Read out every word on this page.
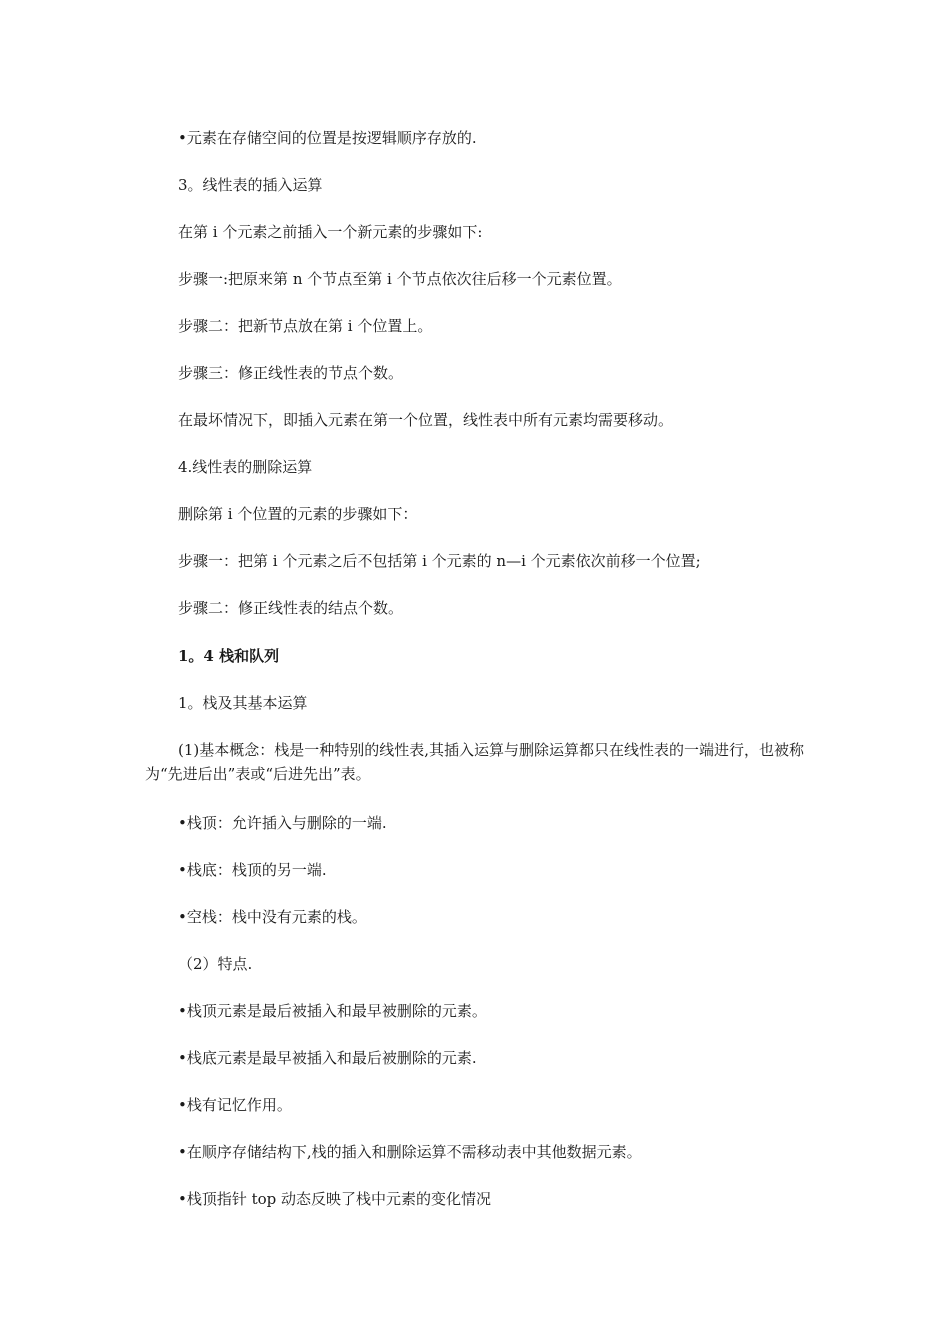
•元素在存储空间的位置是按逻辑顺序存放的.

3。线性表的插入运算

在第 i 个元素之前插入一个新元素的步骤如下:

步骤一:把原来第 n 个节点至第 i 个节点依次往后移一个元素位置。

步骤二：把新节点放在第 i 个位置上。

步骤三：修正线性表的节点个数。

在最坏情况下，即插入元素在第一个位置，线性表中所有元素均需要移动。

4.线性表的删除运算

删除第 i 个位置的元素的步骤如下：

步骤一：把第 i 个元素之后不包括第 i 个元素的 n—i 个元素依次前移一个位置;

步骤二：修正线性表的结点个数。

1。4 栈和队列

1。栈及其基本运算

(1)基本概念：栈是一种特别的线性表,其插入运算与删除运算都只在线性表的一端进行，也被称为“先进后出”表或“后进先出”表。

•栈顶：允许插入与删除的一端.

•栈底：栈顶的另一端.

•空栈：栈中没有元素的栈。

（2）特点.

•栈顶元素是最后被插入和最早被删除的元素。

•栈底元素是最早被插入和最后被删除的元素.

•栈有记忆作用。

•在顺序存储结构下,栈的插入和删除运算不需移动表中其他数据元素。

•栈顶指针 top 动态反映了栈中元素的变化情况
